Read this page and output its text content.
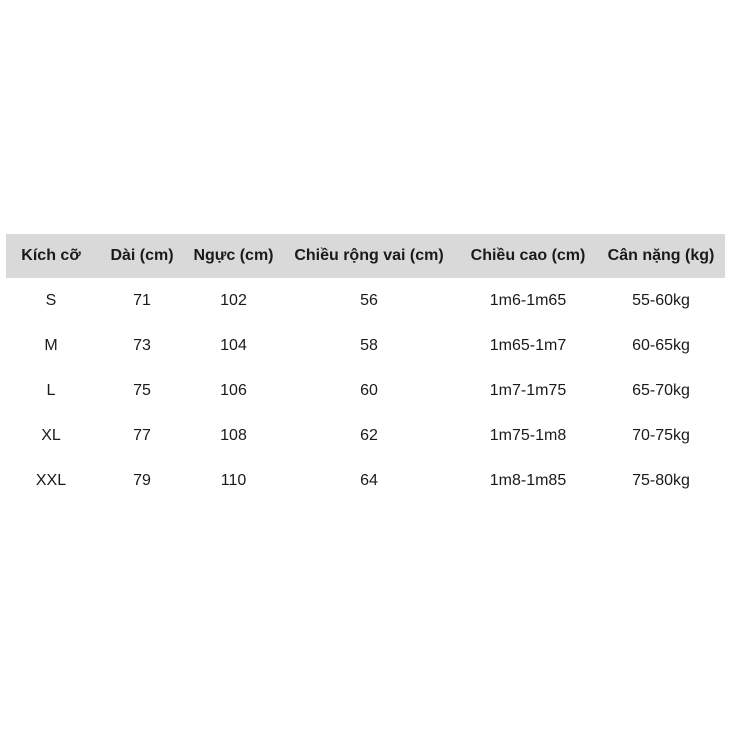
Kích cỡ	Dài (cm)	Ngực (cm)	Chiều rộng vai (cm)	Chiều cao (cm)	Cân nặng (kg)
S	71	102	56	1m6-1m65	55-60kg
M	73	104	58	1m65-1m7	60-65kg
L	75	106	60	1m7-1m75	65-70kg
XL	77	108	62	1m75-1m8	70-75kg
XXL	79	110	64	1m8-1m85	75-80kg
